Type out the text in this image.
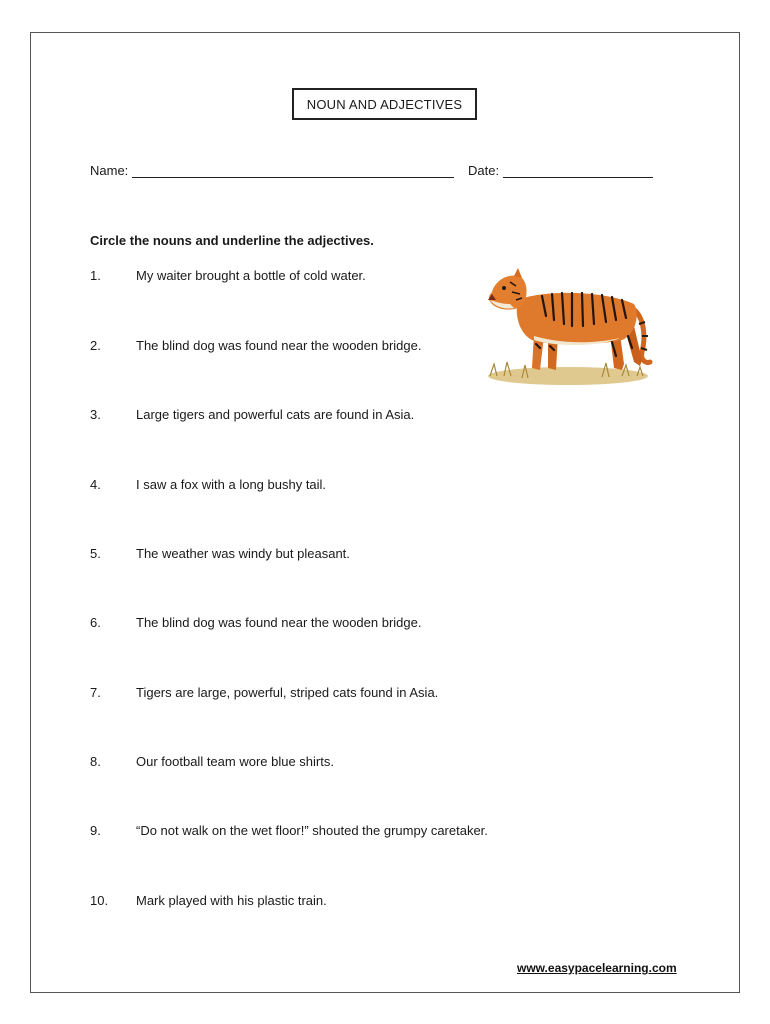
NOUN AND ADJECTIVES
Name:	Date:
Circle the nouns and underline the adjectives.
1.	My waiter brought a bottle of cold water.
2.	The blind dog was found near the wooden bridge.
3.	Large tigers and powerful cats are found in Asia.
4.	I saw a fox with a long bushy tail.
5.	The weather was windy but pleasant.
6.	The blind dog was found near the wooden bridge.
7.	Tigers are large, powerful, striped cats found in Asia.
8.	Our football team wore blue shirts.
9.	“Do not walk on the wet floor!” shouted the grumpy caretaker.
10.	Mark played with his plastic train.
www.easypacelearning.com
